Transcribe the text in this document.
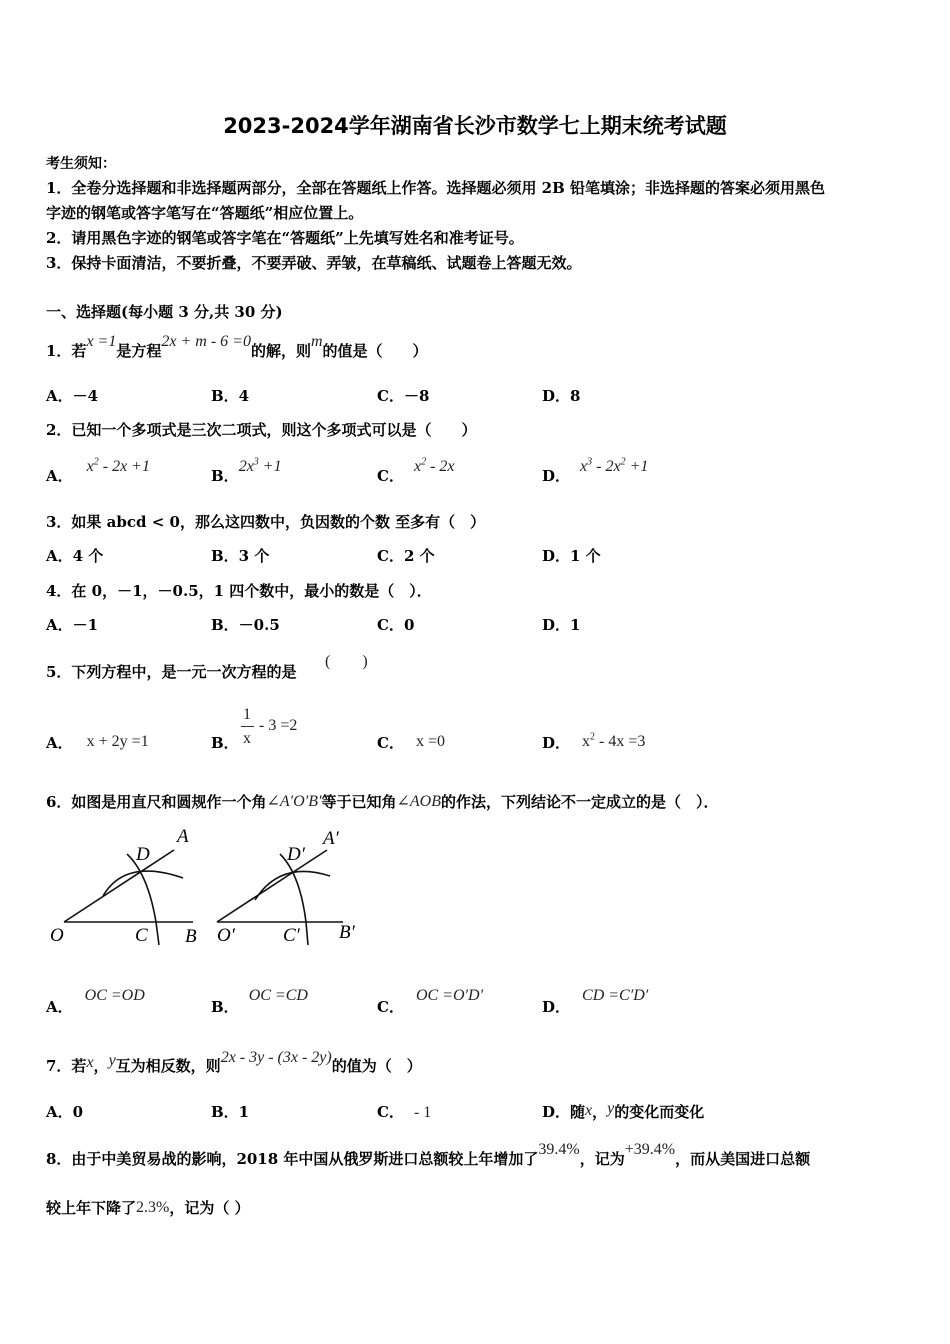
2023-2024学年湖南省长沙市数学七上期末统考试题
考生须知：
1．全卷分选择题和非选择题两部分，全部在答题纸上作答。选择题必须用 2B 铅笔填涂；非选择题的答案必须用黑色
字迹的钢笔或答字笔写在“答题纸”相应位置上。
2．请用黑色字迹的钢笔或答字笔在“答题纸”上先填写姓名和准考证号。
3．保持卡面清洁，不要折叠，不要弄破、弄皱，在草稿纸、试题卷上答题无效。
一、选择题(每小题 3 分,共 30 分)
1．若x =1是方程2x + m - 6 =0的解，则m的值是（　　）
A．－4	B．4	C．－8	D．8
2．已知一个多项式是三次二项式，则这个多项式可以是（　　）
A．$x^2 - 2x +1$
B．$2x^3 +1$
C．$x^2 - 2x$
D．$x^3 - 2x^2 +1$
3．如果 abcd < 0，那么这四数中，负因数的个数 至多有（　）
A．4 个	B．3 个	C．2 个	D．1 个
4．在 0，－1，－0.5，1 四个数中，最小的数是（　）．
A．－1	B．－0.5	C．0	D．1
5．下列方程中，是一元一次方程的是
(　　)
A． x + 2y =1	B．
1
x
- 3 =2
C． x =0	D． $x^2 - 4x =3$
6．如图是用直尺和圆规作一个角∠A′O′B′等于已知角∠AOB的作法，下列结论不一定成立的是（　）．
O	C B
D
A
O′	C′ B′
D′
A′
A．OC =OD
B．OC =CD
C．OC =O′D′
D．CD =C′D′
7．若x，y互为相反数，则2x - 3y - (3x - 2y)的值为（　）
A．0	B．1	C． - 1	D．随x，y的变化而变化
8．由于中美贸易战的影响，2018 年中国从俄罗斯进口总额较上年增加了39.4%，记为+39.4%，而从美国进口总额
较上年下降了2.3%，记为（ ）
